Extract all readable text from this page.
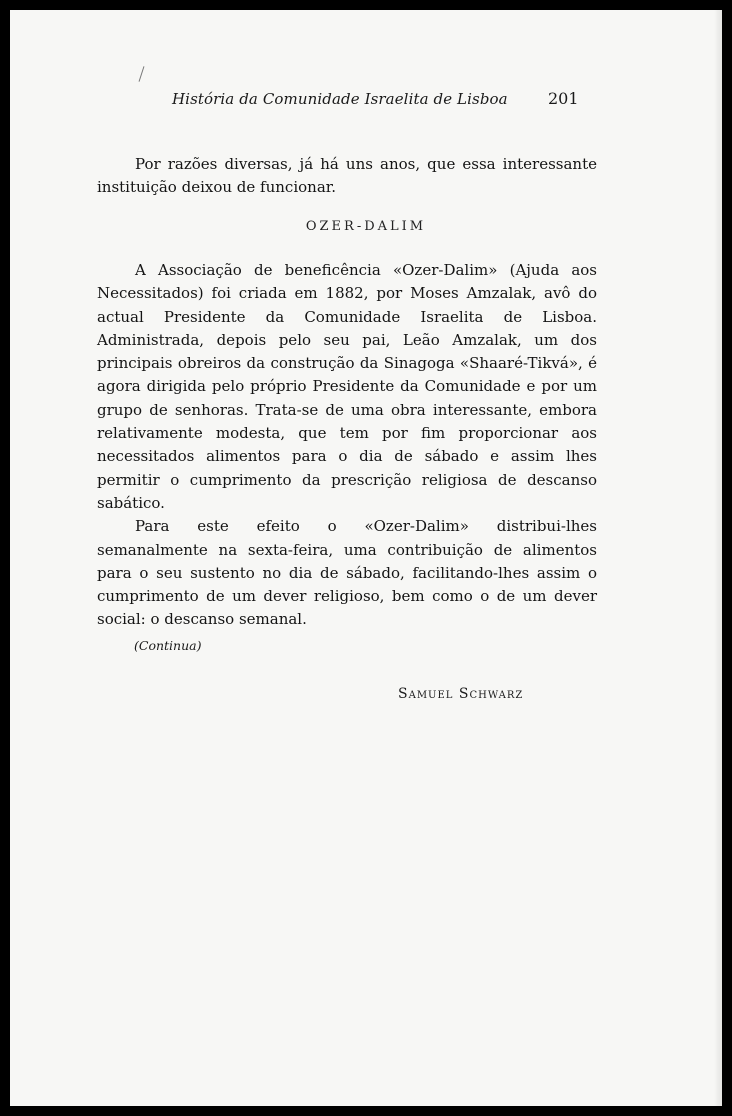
História da Comunidade Israelita de Lisboa	201

Por razões diversas, já há uns anos, que essa interessante instituição deixou de funcionar.

OZER-DALIM

A Associação de beneficência «Ozer-Dalim» (Ajuda aos Necessitados) foi criada em 1882, por Moses Amzalak, avô do actual Presidente da Comunidade Israelita de Lisboa. Administrada, depois pelo seu pai, Leão Amzalak, um dos principais obreiros da construção da Sinagoga «Shaaré-Tikvá», é agora dirigida pelo próprio Presidente da Comunidade e por um grupo de senhoras. Trata-se de uma obra interessante, embora relativamente modesta, que tem por fim proporcionar aos necessitados alimentos para o dia de sábado e assim lhes permitir o cumprimento da prescrição religiosa de descanso sabático.

Para este efeito o «Ozer-Dalim» distribui-lhes semanalmente na sexta-feira, uma contribuição de alimentos para o seu sustento no dia de sábado, facilitando-lhes assim o cumprimento de um dever religioso, bem como o de um dever social: o descanso semanal.

(Continua)
Samuel Schwarz
